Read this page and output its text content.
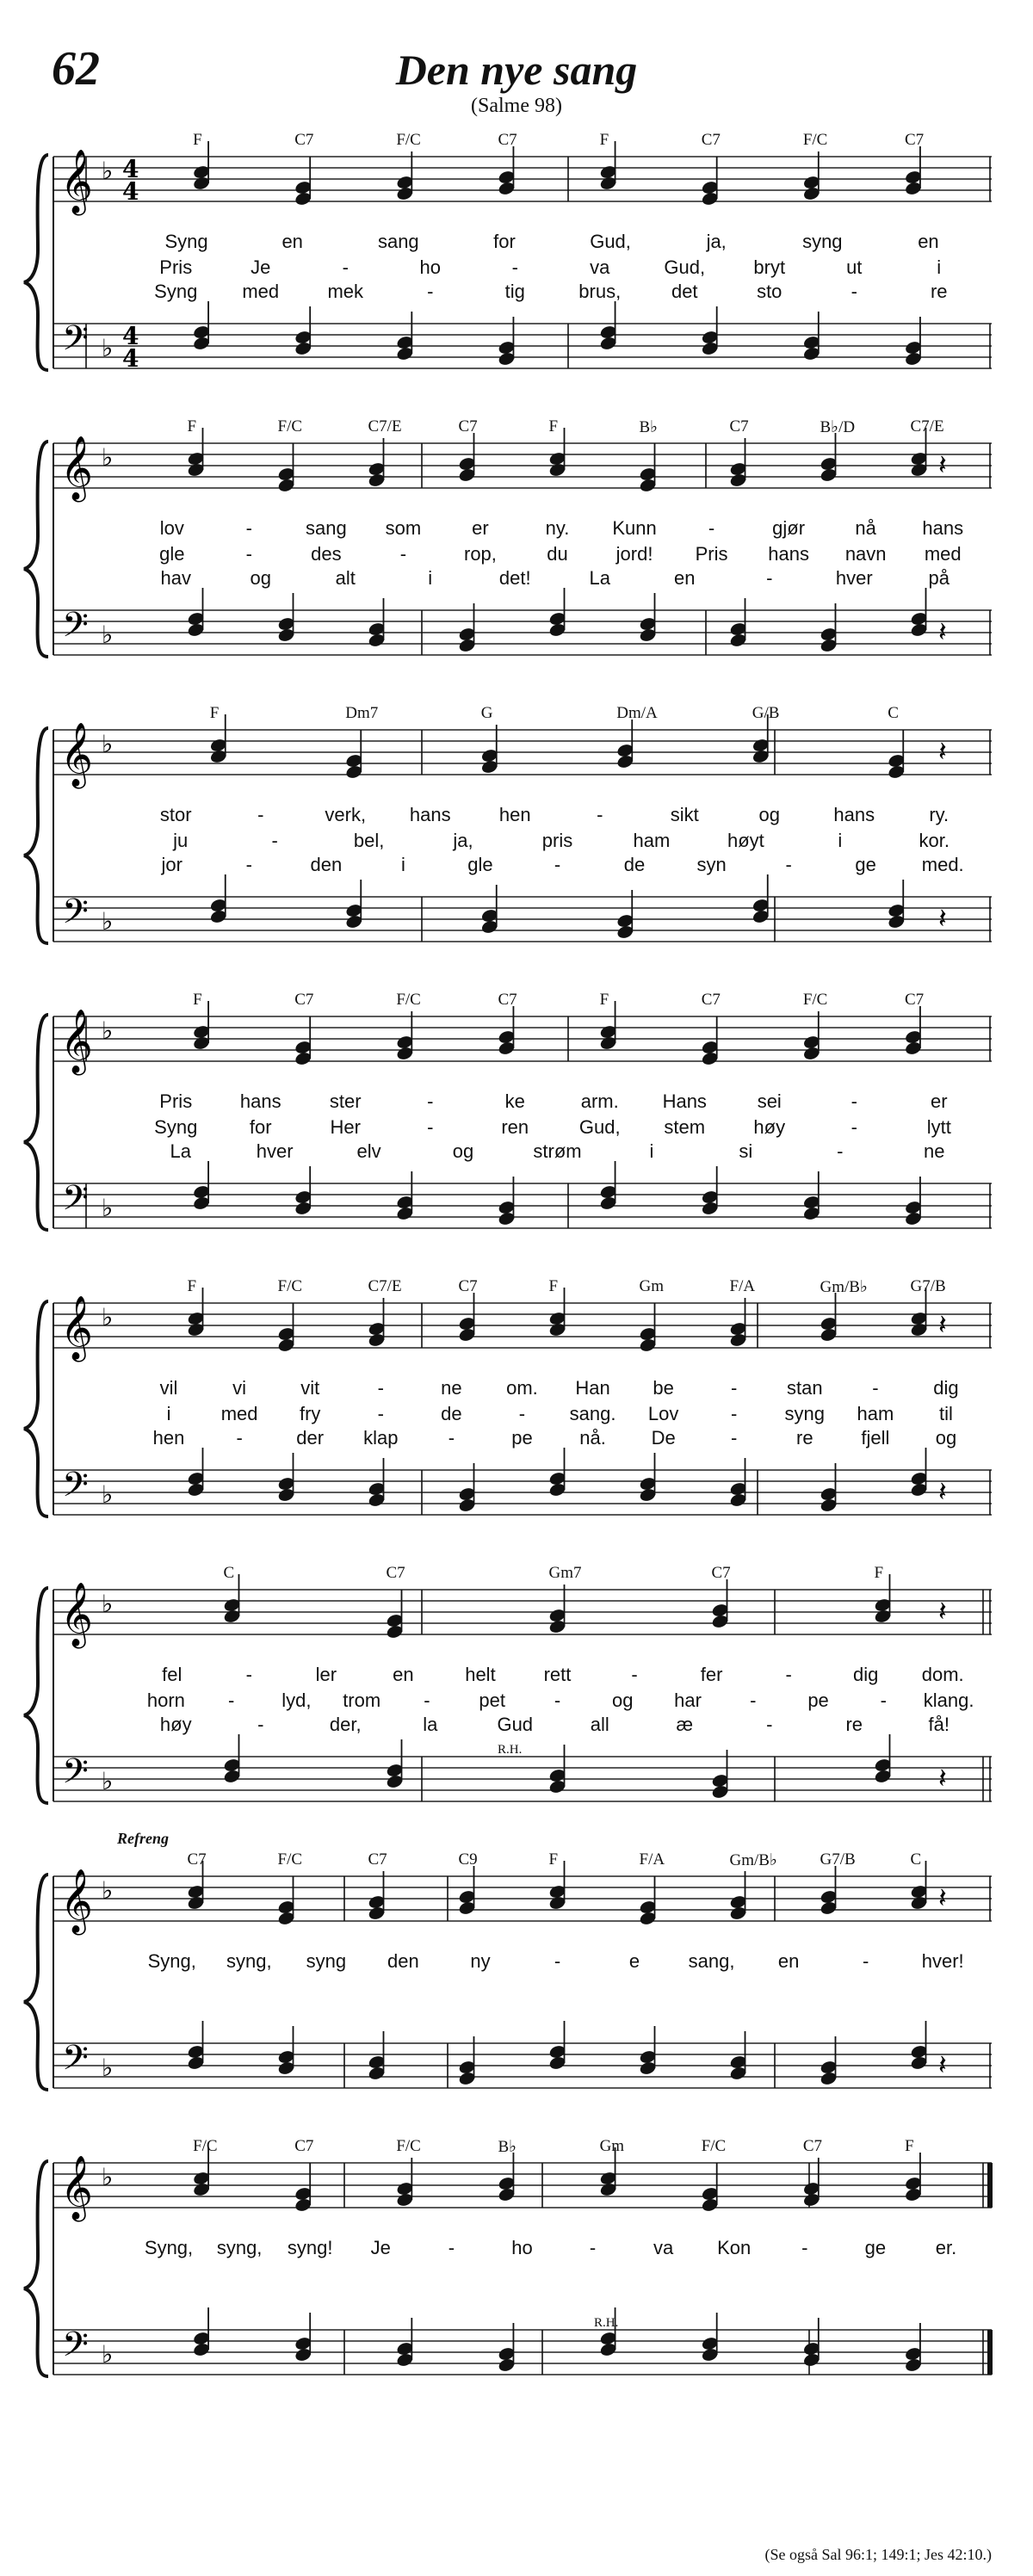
62	Den nye sang
(Salme 98)
𝄞
𝄢
♭
♭
4
4
4
4
F	C7	F/C	C7	F	C7	F/C	C7
Syng	en	sang	for	Gud,	ja,	syng	en
Pris	Je	-	ho	-	va	Gud,	bryt	ut	i
Syng med	mek	-	tig	brus,	det	sto	-	re
𝄞
𝄢
♭
♭
𝄽
𝄽
F	F/C	C7/E	C7	F	B♭	C7	B♭/D	C7/E
lov	-	sang som	er	ny. Kunn	-	gjør	nå hans
gle	-	des	-	rop,	du	jord! Pris hans navn med
hav	og	alt	i	det!	La	en	-	hver	på
𝄞
𝄢
♭
♭
𝄽
𝄽
F	Dm7	G	Dm/A	G/B	C
stor	-	verk, hans	hen	-	sikt	og	hans	ry.
ju	-	bel,	ja,	pris	ham	høyt	i	kor.
jor	-	den	i	gle	-	de	syn	-	ge med.
𝄞
𝄢
♭
♭
F	C7	F/C	C7	F	C7	F/C	C7
Pris	hans	ster	-	ke	arm. Hans	sei	-	er
Syng	for	Her	-	ren	Gud, stem	høy	-	lytt
La	hver	elv	og	strøm	i	si	-	ne
𝄞
𝄢
♭
♭
𝄽
𝄽
F	F/C	C7/E	C7	F	Gm	F/A	Gm/B♭	G7/B
vil	vi	vit	-	ne om. Han be	-	stan	-	dig
i	med fry	-	de	- sang. Lov	-	syng ham til
hen	-	der klap	-	pe nå. De	-	re	fjell og
𝄞
𝄢
♭
♭
𝄽
𝄽
C	C7	Gm7	C7	F
fel	-	ler	en	helt	rett	-	fer	-	dig dom.
horn - lyd, trom -	pet	-	og har	-	pe	- klang.
høy	-	der,	la	Gud	all	æ	-	re	få!
R.H.
𝄞
𝄢
♭
♭
𝄽
𝄽
C7	F/C	C7	C9	F	F/A	Gm/B♭	G7/B	C
Syng, syng, syng den	ny	-	e	sang, en	-	hver!
Refreng
𝄞
𝄢
♭
♭
F/C	C7	F/C	B♭	Gm	F/C	C7	F
Syng, syng, syng! Je	-	ho	-	va Kon	-	ge	er.
R.H.
(Se også Sal 96:1; 149:1; Jes 42:10.)
